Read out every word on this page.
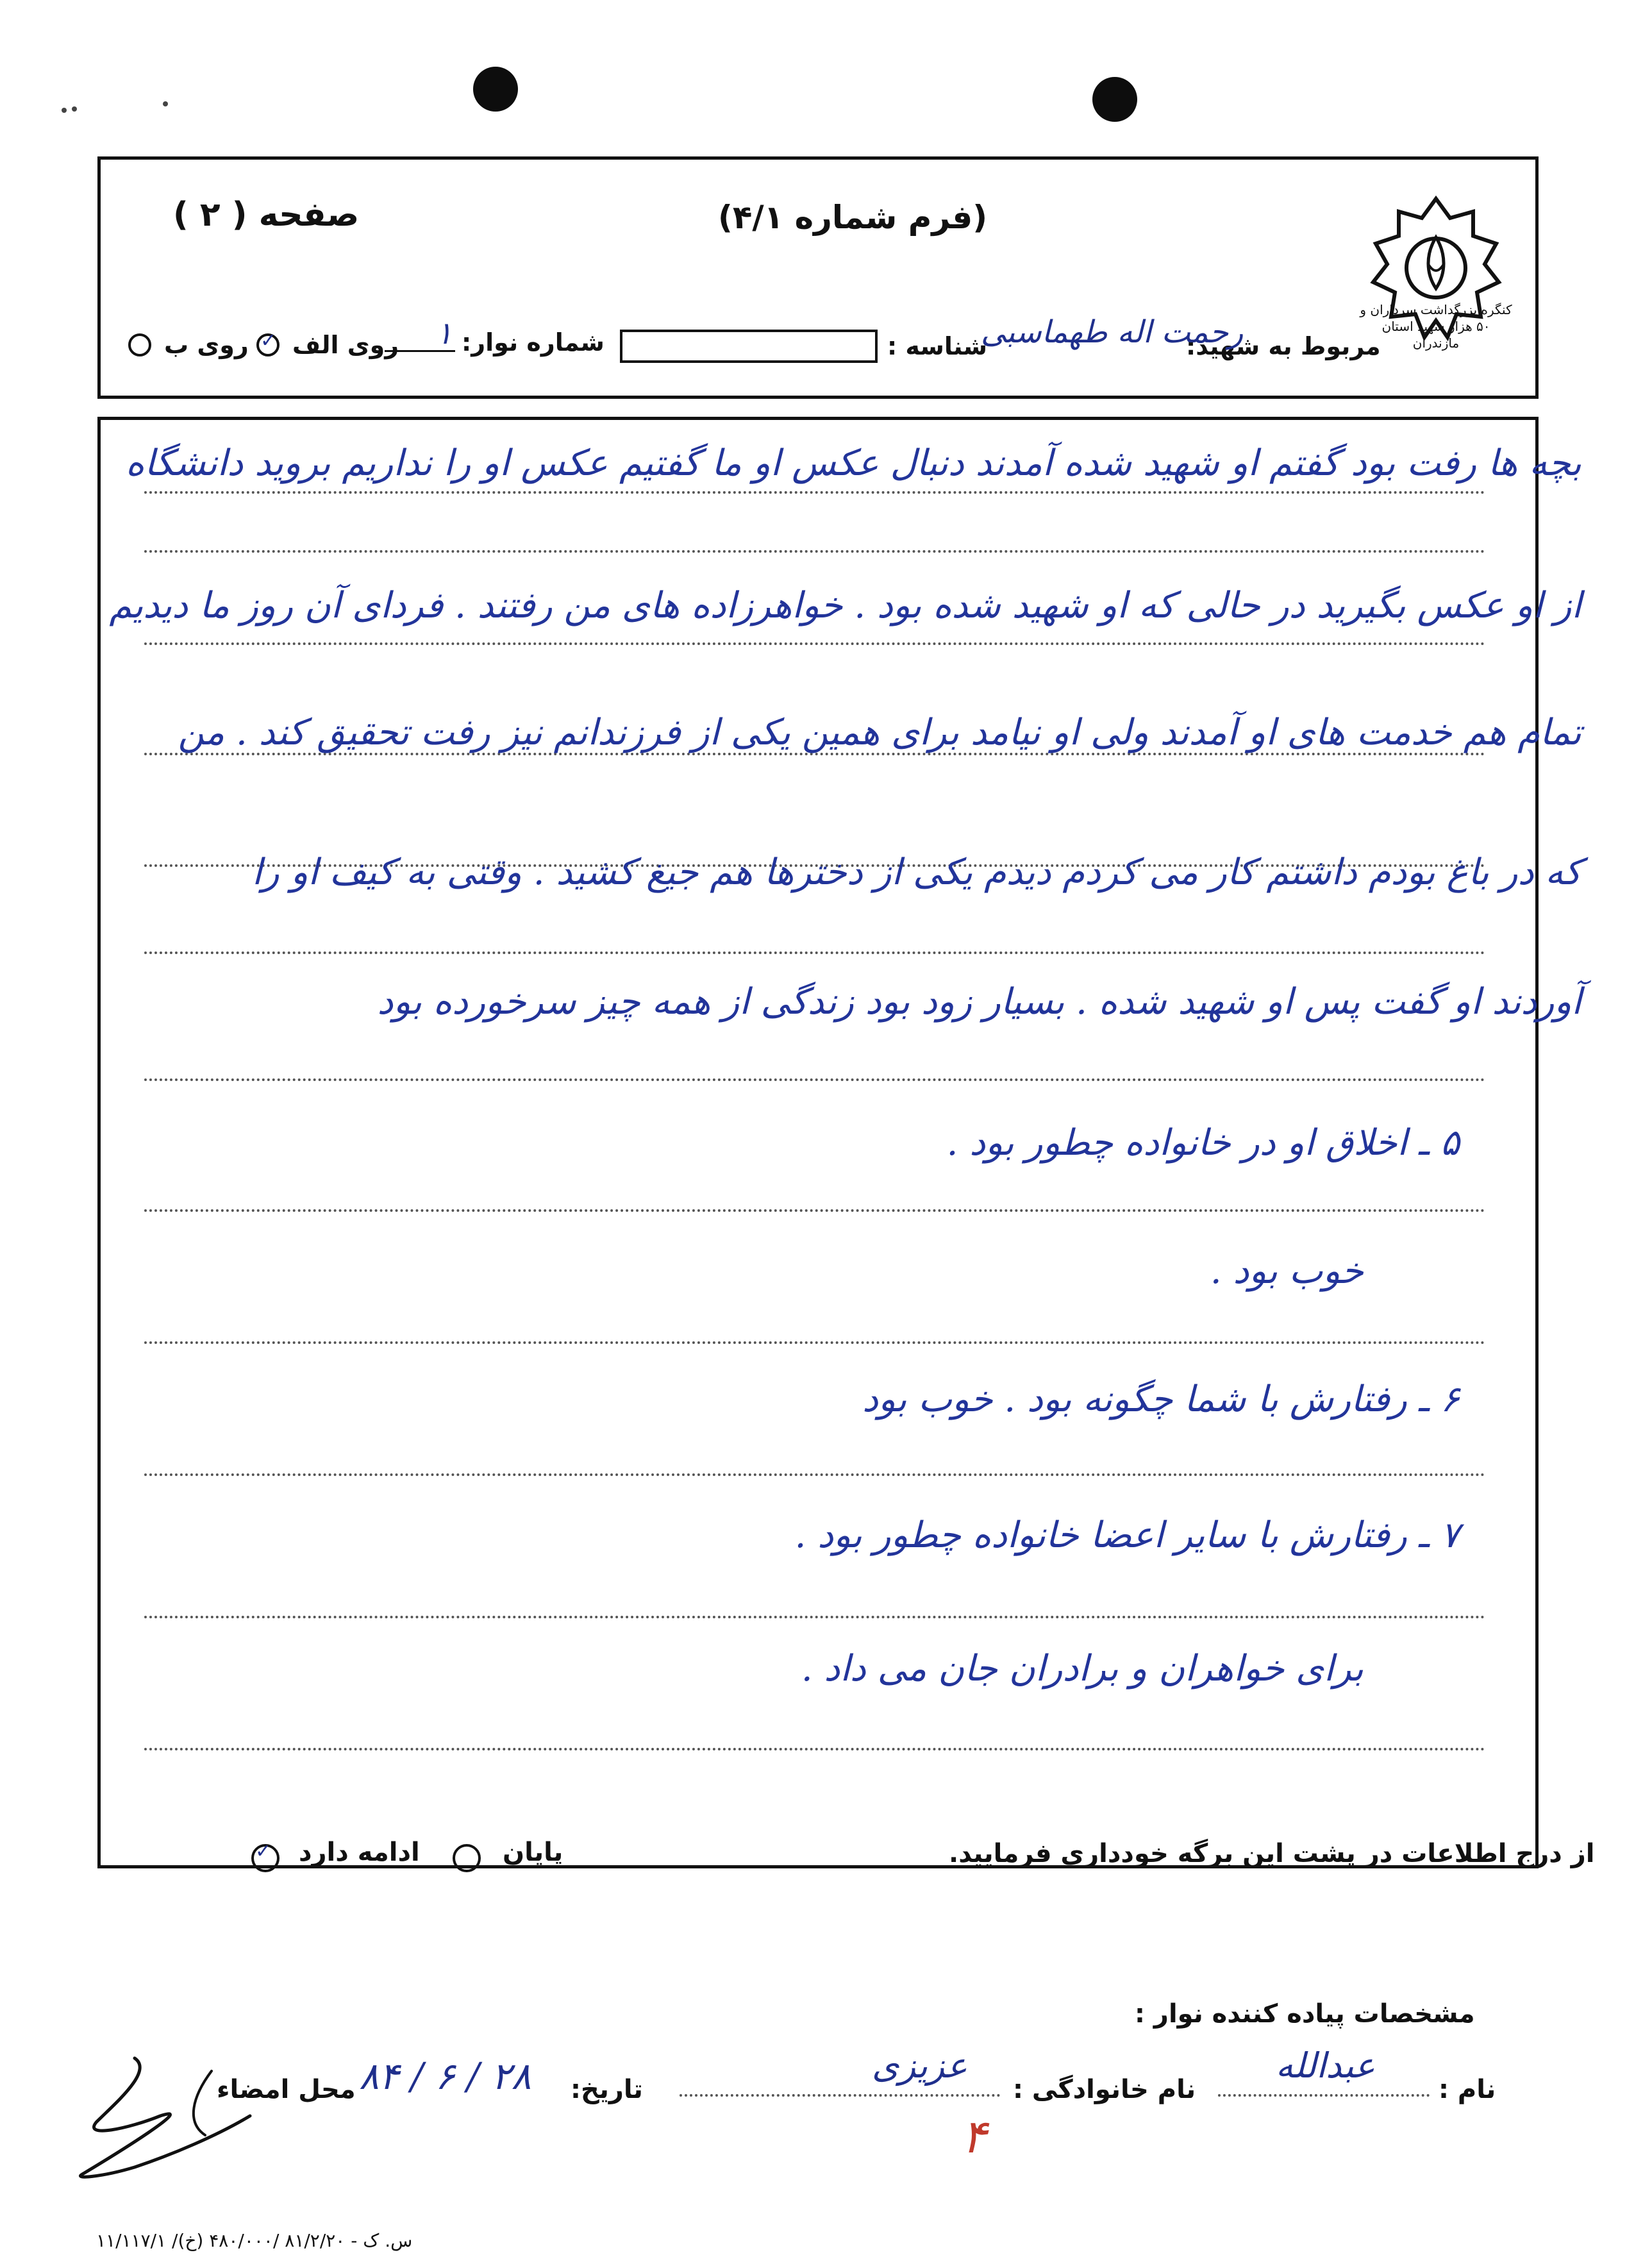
صفحه ( ۲ )	(فرم شماره ۴/۱)
کنگره بزرگداشت سرداران و ۵۰ هزار شهید استان مازندران
مربوط به شهید:
رحمت اله طهماسبی
شناسه :
شماره نوار:
۱
روی الف
✓
روی ب
بچه ها رفت بود گفتم او شهید شده آمدند دنبال عکس او ما گفتیم عکس او را نداریم بروید دانشگاه
از او عکس بگیرید در حالی که او شهید شده بود . خواهرزاده های من رفتند . فردای آن روز ما دیدیم
تمام هم خدمت های او آمدند ولی او نیامد برای همین یکی از فرزندانم نیز رفت تحقیق کند . من
که در باغ بودم داشتم کار می کردم دیدم یکی از دخترها هم جیغ کشید . وقتی به کیف او را
آوردند او گفت پس او شهید شده . بسیار زود بود زندگی از همه چیز سرخورده بود
۵ ـ اخلاق او در خانواده چطور بود .
خوب بود .
۶ ـ رفتارش با شما چگونه بود . خوب بود
۷ ـ رفتارش با سایر اعضا خانواده چطور بود .
برای خواهران و برادران جان می داد .
از درج اطلاعات در پشت این برگه خودداری فرمایید.
پایان
ادامه دارد
✓
مشخصات پیاده کننده نوار :
نام :
عبدالله
نام خانوادگی :
عزیزی
۴
تاریخ:
۸۴ / ۶ / ۲۸
محل امضاء
۱۱/۱۱۷/۱ /س. ک - ۸۱/۲/۲۰ /۴۸۰/۰۰۰ (خ)
